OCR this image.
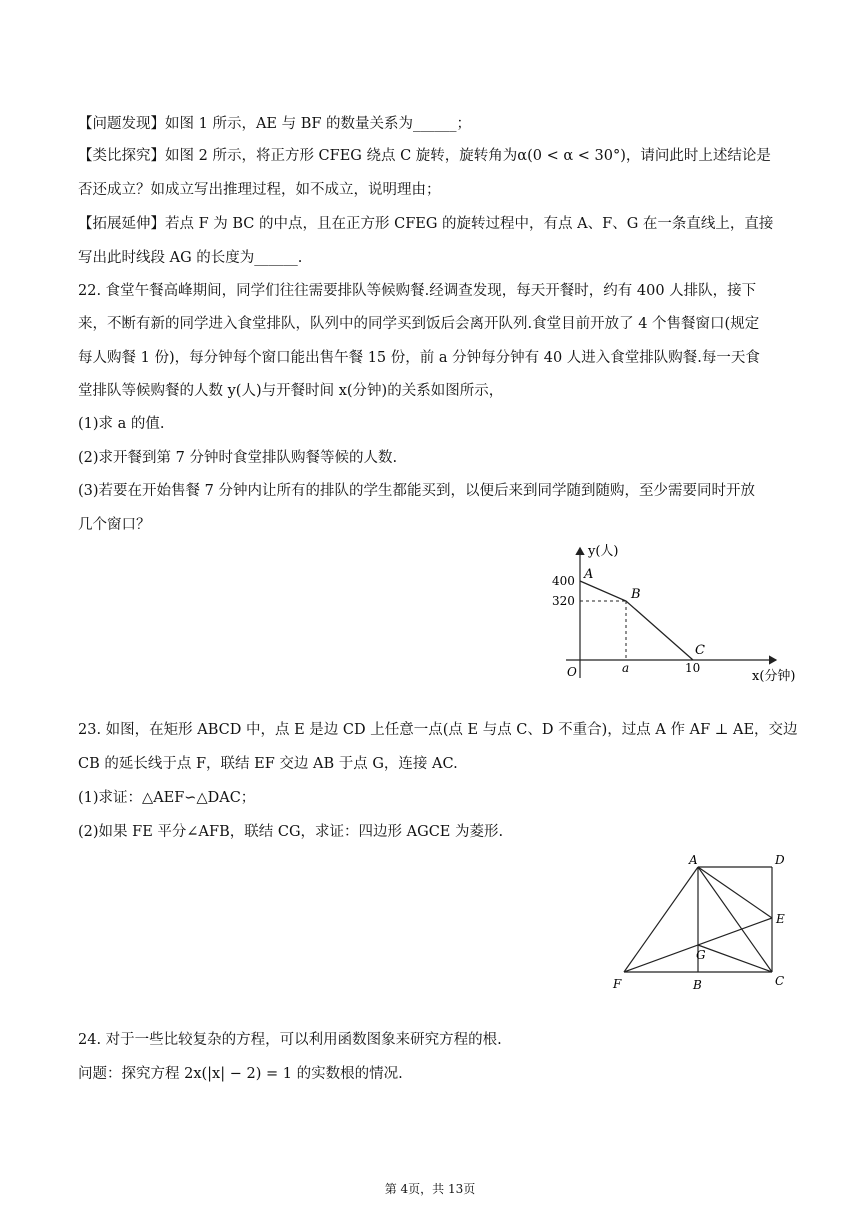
【问题发现】如图 1 所示，AE 与 BF 的数量关系为______；
【类比探究】如图 2 所示，将正方形 CFEG 绕点 C 旋转，旋转角为α(0 < α < 30°)，请问此时上述结论是
否还成立？如成立写出推理过程，如不成立，说明理由；
【拓展延伸】若点 F 为 BC 的中点，且在正方形 CFEG 的旋转过程中，有点 A、F、G 在一条直线上，直接
写出此时线段 AG 的长度为______.
22. 食堂午餐高峰期间，同学们往往需要排队等候购餐.经调查发现，每天开餐时，约有 400 人排队，接下
来，不断有新的同学进入食堂排队，队列中的同学买到饭后会离开队列.食堂目前开放了 4 个售餐窗口(规定
每人购餐 1 份)，每分钟每个窗口能出售午餐 15 份，前 a 分钟每分钟有 40 人进入食堂排队购餐.每一天食
堂排队等候购餐的人数 y(人)与开餐时间 x(分钟)的关系如图所示，
(1)求 a 的值.
(2)求开餐到第 7 分钟时食堂排队购餐等候的人数.
(3)若要在开始售餐 7 分钟内让所有的排队的学生都能买到，以便后来到同学随到随购，至少需要同时开放
几个窗口？
23. 如图，在矩形 ABCD 中，点 E 是边 CD 上任意一点(点 E 与点 C、D 不重合)，过点 A 作 AF ⊥ AE，交边
CB 的延长线于点 F，联结 EF 交边 AB 于点 G，连接 AC.
(1)求证：△AEF∽△DAC；
(2)如果 FE 平分∠AFB，联结 CG，求证：四边形 AGCE 为菱形.
24. 对于一些比较复杂的方程，可以利用函数图象来研究方程的根.
问题：探究方程 2x(|x| − 2) = 1 的实数根的情况.
y(人)
x(分钟)
O
400
320
a	10
A
B
C
A	D
E
G
F	B	C
第 4页，共 13页
